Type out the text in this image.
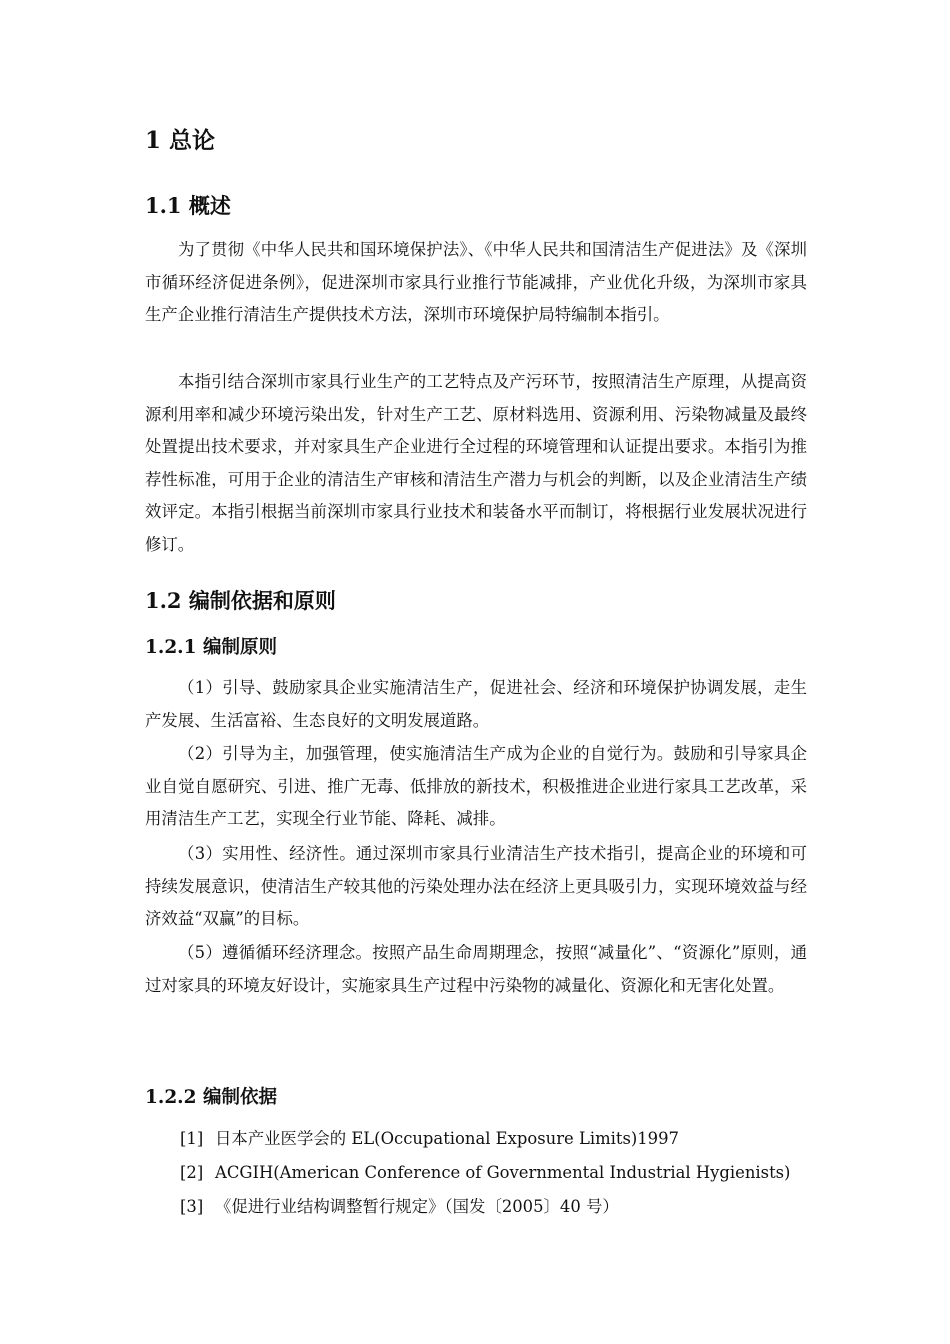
1 总论
1.1 概述

为了贯彻《中华人民共和国环境保护法》、《中华人民共和国清洁生产促进法》及《深圳市循环经济促进条例》，促进深圳市家具行业推行节能减排，产业优化升级，为深圳市家具生产企业推行清洁生产提供技术方法，深圳市环境保护局特编制本指引。

本指引结合深圳市家具行业生产的工艺特点及产污环节，按照清洁生产原理，从提高资源利用率和减少环境污染出发，针对生产工艺、原材料选用、资源利用、污染物减量及最终处置提出技术要求，并对家具生产企业进行全过程的环境管理和认证提出要求。本指引为推荐性标准，可用于企业的清洁生产审核和清洁生产潜力与机会的判断，以及企业清洁生产绩效评定。本指引根据当前深圳市家具行业技术和装备水平而制订，将根据行业发展状况进行修订。

1.2 编制依据和原则
1.2.1 编制原则

（1）引导、鼓励家具企业实施清洁生产，促进社会、经济和环境保护协调发展，走生产发展、生活富裕、生态良好的文明发展道路。

（2）引导为主，加强管理，使实施清洁生产成为企业的自觉行为。鼓励和引导家具企业自觉自愿研究、引进、推广无毒、低排放的新技术，积极推进企业进行家具工艺改革，采用清洁生产工艺，实现全行业节能、降耗、减排。

（3）实用性、经济性。通过深圳市家具行业清洁生产技术指引，提高企业的环境和可持续发展意识，使清洁生产较其他的污染处理办法在经济上更具吸引力，实现环境效益与经济效益“双赢”的目标。

（5）遵循循环经济理念。按照产品生命周期理念，按照“减量化”、“资源化”原则，通过对家具的环境友好设计，实施家具生产过程中污染物的减量化、资源化和无害化处置。

1.2.2 编制依据
[1] 日本产业医学会的 EL(Occupational Exposure Limits)1997
[2] ACGIH(American Conference of Governmental Industrial Hygienists)
[3] 《促进行业结构调整暂行规定》（国发〔2005〕40 号）
